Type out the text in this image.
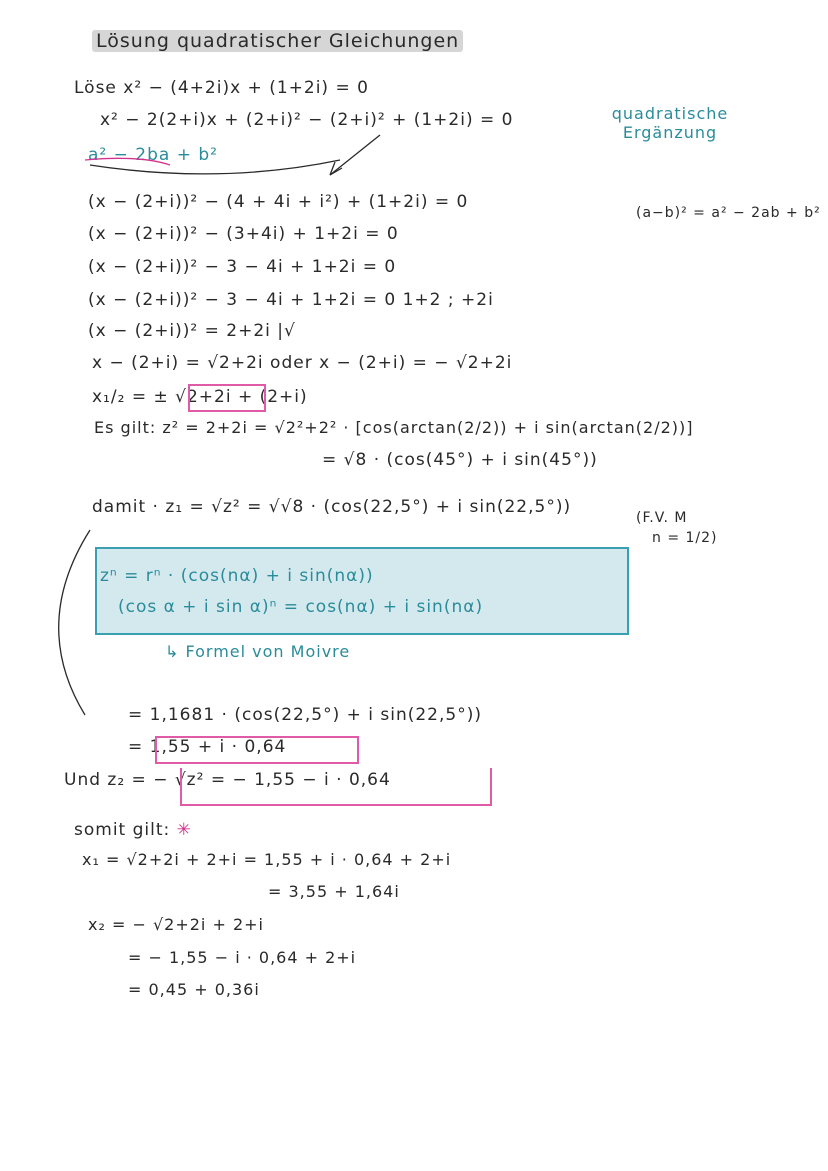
Lösung quadratischer Gleichungen
Löse x² − (4+2i)x + (1+2i) = 0
x² − 2(2+i)x + (2+i)² − (2+i)² + (1+2i) = 0	quadratische Ergänzung
a² − 2ba + b²
(x − (2+i))² − (4 + 4i + i²) + (1+2i) = 0
(a−b)² = a² − 2ab + b²
(x − (2+i))² − (3+4i) + 1+2i = 0
(x − (2+i))² − 3 − 4i + 1+2i = 0
(x − (2+i))² − 3 − 4i + 1+2i = 0 1+2 ; +2i
(x − (2+i))² = 2+2i |√
x − (2+i) = √2+2i oder x − (2+i) = − √2+2i
x₁/₂ = ± √2+2i + (2+i)
Es gilt: z² = 2+2i = √2²+2² · [cos(arctan(2/2)) + i sin(arctan(2/2))]
= √8 · (cos(45°) + i sin(45°))
damit · z₁ = √z² = √√8 · (cos(22,5°) + i sin(22,5°))
(F.V. M
n = 1/2)
zⁿ = rⁿ · (cos(nα) + i sin(nα))
(cos α + i sin α)ⁿ = cos(nα) + i sin(nα)
↳ Formel von Moivre
= 1,1681 · (cos(22,5°) + i sin(22,5°))
= 1,55 + i · 0,64
Und z₂ = − √z² = − 1,55 − i · 0,64
somit gilt: ✳
x₁ = √2+2i + 2+i = 1,55 + i · 0,64 + 2+i
= 3,55 + 1,64i
x₂ = − √2+2i + 2+i
= − 1,55 − i · 0,64 + 2+i
= 0,45 + 0,36i
